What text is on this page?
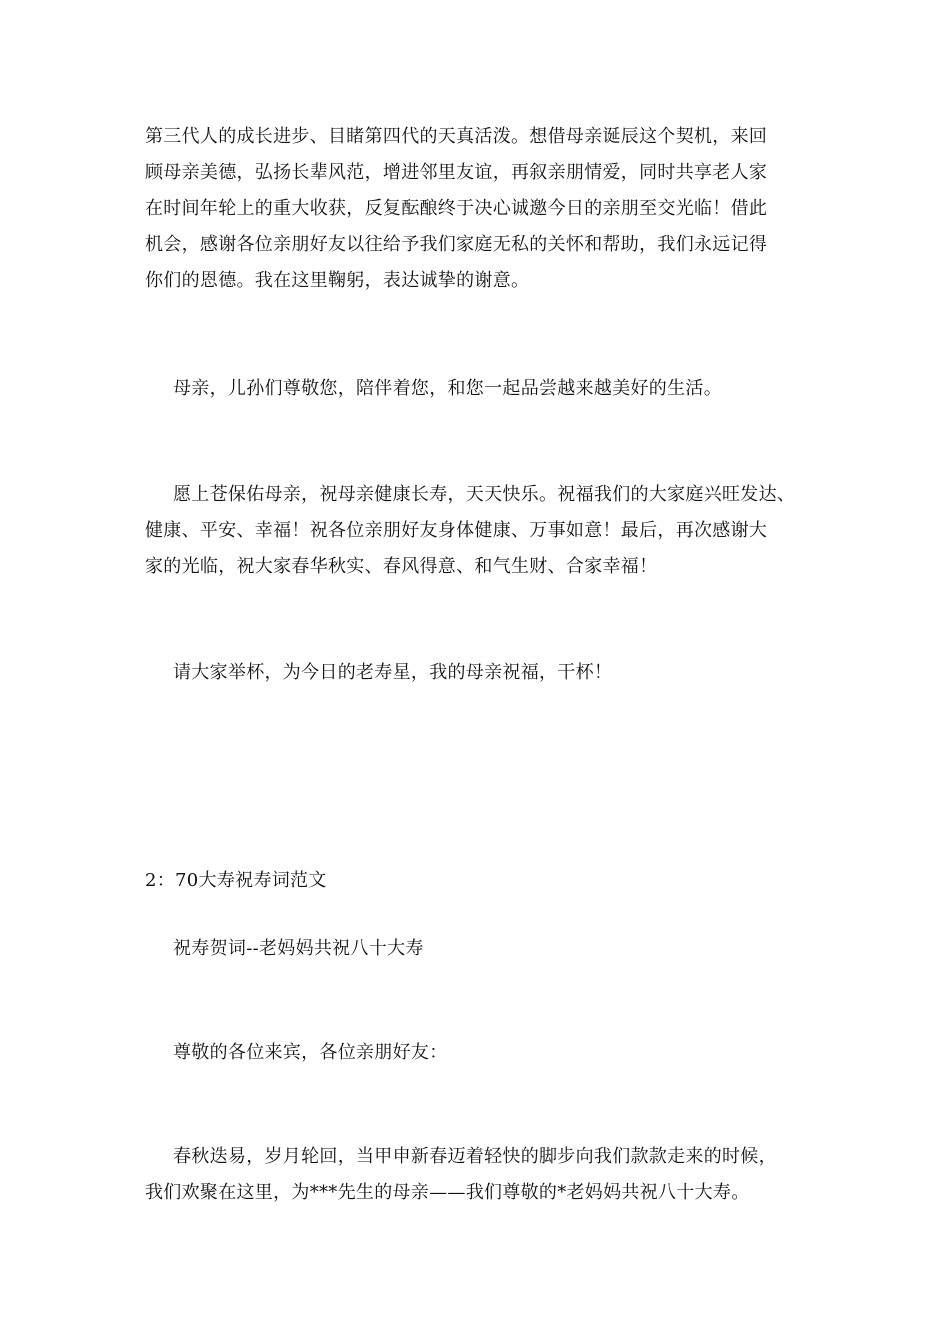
第三代人的成长进步、目睹第四代的天真活泼。想借母亲诞辰这个契机，来回
顾母亲美德，弘扬长辈风范，增进邻里友谊，再叙亲朋情爱，同时共享老人家
在时间年轮上的重大收获，反复酝酿终于决心诚邀今日的亲朋至交光临！借此
机会，感谢各位亲朋好友以往给予我们家庭无私的关怀和帮助，我们永远记得
你们的恩德。我在这里鞠躬，表达诚挚的谢意。
母亲，儿孙们尊敬您，陪伴着您，和您一起品尝越来越美好的生活。
愿上苍保佑母亲，祝母亲健康长寿，天天快乐。祝福我们的大家庭兴旺发达、
健康、平安、幸福！祝各位亲朋好友身体健康、万事如意！最后，再次感谢大
家的光临，祝大家春华秋实、春风得意、和气生财、合家幸福！
请大家举杯，为今日的老寿星，我的母亲祝福，干杯！
2：70大寿祝寿词范文
祝寿贺词--老妈妈共祝八十大寿
尊敬的各位来宾，各位亲朋好友：
春秋迭易，岁月轮回，当甲申新春迈着轻快的脚步向我们款款走来的时候，
我们欢聚在这里，为***先生的母亲——我们尊敬的*老妈妈共祝八十大寿。
